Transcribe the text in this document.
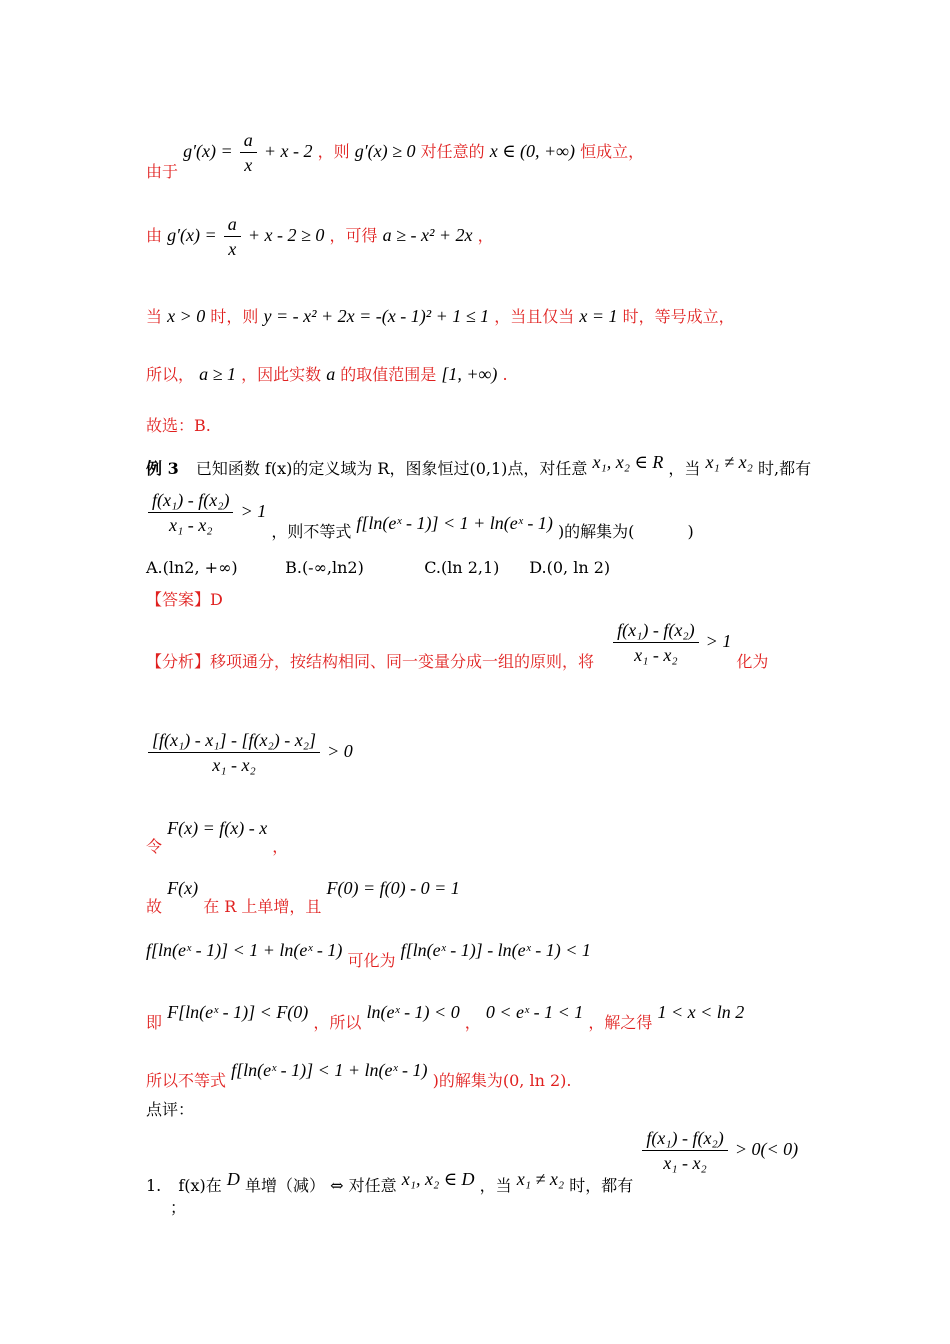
由于 $g'(x) = \frac{a}{x} + x - 2$ ，则 g′(x) ≥ 0 对任意的 x ∈ (0, +∞) 恒成立，
由 $g'(x) = \frac{a}{x} + x - 2 \ge 0$ ，可得 a ≥ - x² + 2x ，
当 x > 0 时，则 y = - x² + 2x = -(x - 1)² + 1 ≤ 1 ，当且仅当 x = 1 时，等号成立，
所以， a ≥ 1 ，因此实数 a 的取值范围是 [1, +∞) .
故选：B.
例 3 已知函数 f(x)的定义域为 R，图象恒过(0,1)点，对任意 x₁, x₂ ∈ R ，当 x₁ ≠ x₂ 时,都有
$\frac{\text{f(x₁) - f(x₂)}}{\text{x₁ - x₂}} > 1$ ，则不等式 f[ln(eˣ - 1)] < 1 + ln(eˣ - 1) )的解集为(	)
A.(ln2, +∞)	B.(-∞,ln2)	C.(ln 2,1) D.(0, ln 2)
【答案】D
【分析】移项通分，按结构相同、同一变量分成一组的原则，将 $\frac{\text{f(x₁) - f(x₂)}}{\text{x₁ - x₂}} > 1$ 化为
$\frac{\text{[f(x₁) - x₁] - [f(x₂) - x₂]}}{\text{x₁ - x₂}} > 0$
令 F(x) = f(x) - x ，
故 F(x) 在 R 上单增，且 F(0) = f(0) - 0 = 1
f[ln(eˣ - 1)] < 1 + ln(eˣ - 1) 可化为 f[ln(eˣ - 1)] - ln(eˣ - 1) < 1
即 F[ln(eˣ - 1)] < F(0) ，所以 ln(eˣ - 1) < 0 ， 0 < eˣ - 1 < 1 ，解之得 1 < x < ln 2
所以不等式 f[ln(eˣ - 1)] < 1 + ln(eˣ - 1) )的解集为(0, ln 2).
点评：
1. f(x)在 D 单增（减） ⇔ 对任意 x₁, x₂ ∈ D ，当 x₁ ≠ x₂ 时，都有
$\frac{\text{f(x₁) - f(x₂)}}{\text{x₁ - x₂}} > 0(< 0)$
；
